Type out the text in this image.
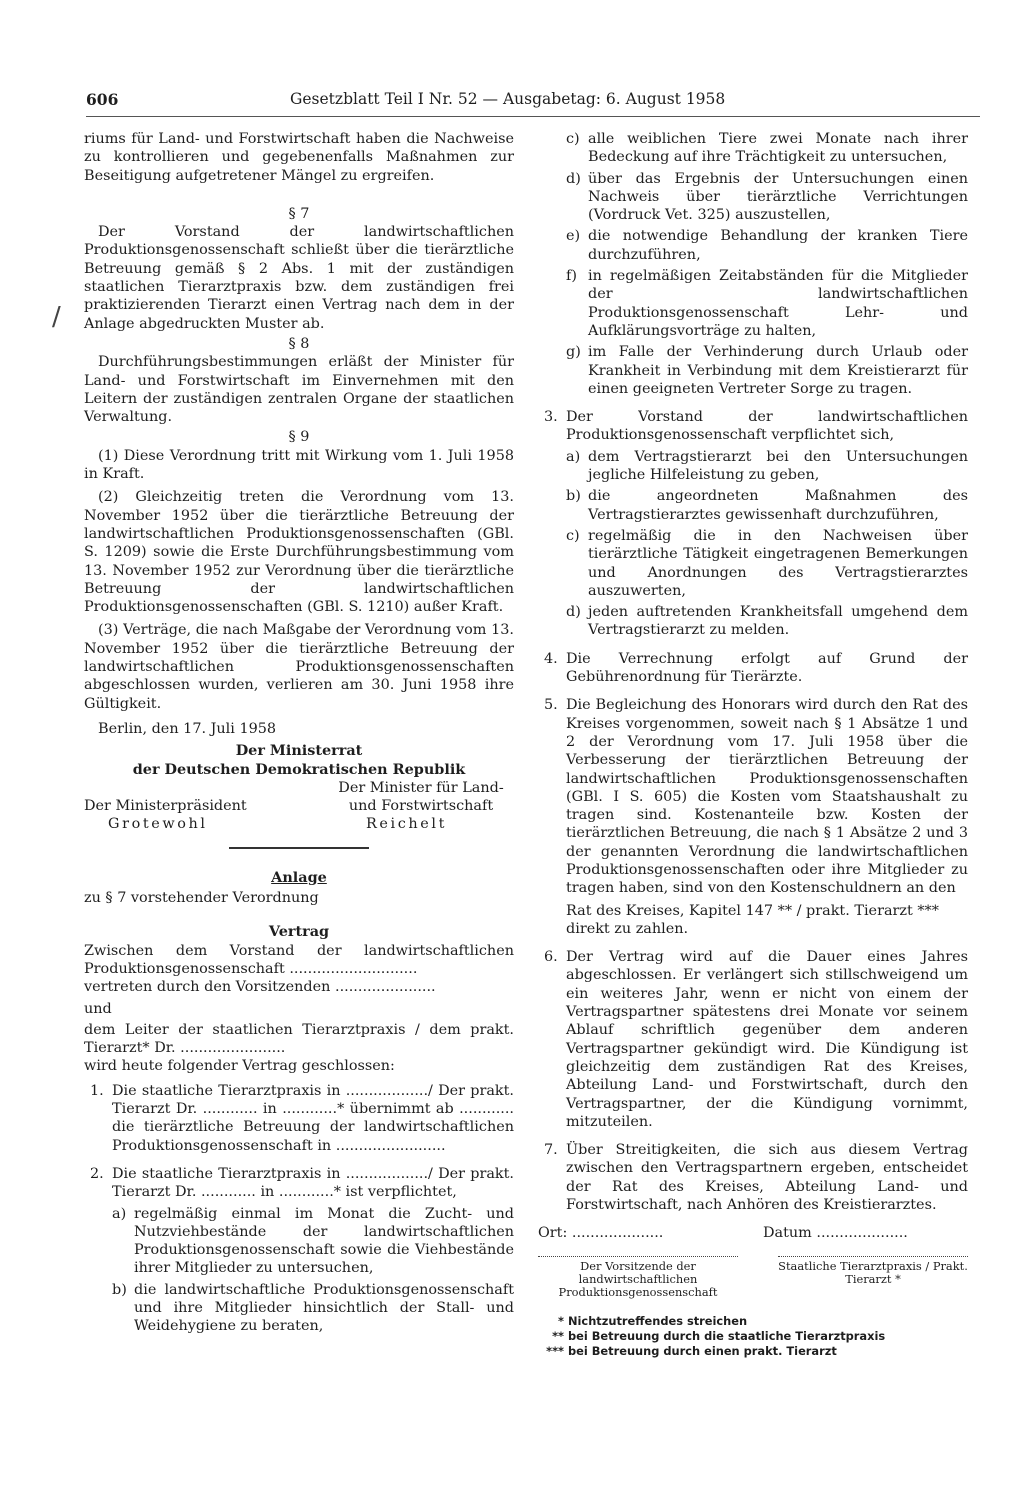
606	Gesetzblatt Teil I Nr. 52 — Ausgabetag: 6. August 1958
/

riums für Land- und Forstwirtschaft haben die Nachweise zu kontrollieren und gegebenenfalls Maßnahmen zur Beseitigung aufgetretener Mängel zu ergreifen.

§ 7

Der Vorstand der landwirtschaftlichen Produktionsgenossenschaft schließt über die tierärztliche Betreuung gemäß § 2 Abs. 1 mit der zuständigen staatlichen Tierarztpraxis bzw. dem zuständigen frei praktizierenden Tierarzt einen Vertrag nach dem in der Anlage abgedruckten Muster ab.

§ 8

Durchführungsbestimmungen erläßt der Minister für Land- und Forstwirtschaft im Einvernehmen mit den Leitern der zuständigen zentralen Organe der staatlichen Verwaltung.

§ 9

(1) Diese Verordnung tritt mit Wirkung vom 1. Juli 1958 in Kraft.

(2) Gleichzeitig treten die Verordnung vom 13. November 1952 über die tierärztliche Betreuung der landwirtschaftlichen Produktionsgenossenschaften (GBl. S. 1209) sowie die Erste Durchführungsbestimmung vom 13. November 1952 zur Verordnung über die tierärztliche Betreuung der landwirtschaftlichen Produktionsgenossenschaften (GBl. S. 1210) außer Kraft.

(3) Verträge, die nach Maßgabe der Verordnung vom 13. November 1952 über die tierärztliche Betreuung der landwirtschaftlichen Produktionsgenossenschaften abgeschlossen wurden, verlieren am 30. Juni 1958 ihre Gültigkeit.

Berlin, den 17. Juli 1958

Der Ministerrat

der Deutschen Demokratischen Republik

Der Ministerpräsident
Grotewohl
Der Minister für Land- und Forstwirtschaft
Reichelt

Anlage

zu § 7 vorstehender Verordnung

Vertrag

Zwischen dem Vorstand der landwirtschaftlichen Produktionsgenossenschaft ............................

vertreten durch den Vorsitzenden ......................

und

dem Leiter der staatlichen Tierarztpraxis / dem prakt. Tierarzt* Dr. .......................

wird heute folgender Vertrag geschlossen:

1. Die staatliche Tierarztpraxis in ................../ Der prakt. Tierarzt Dr. ............ in ............* übernimmt ab ............ die tierärztliche Betreuung der landwirtschaftlichen Produktionsgenossenschaft in ........................

2. Die staatliche Tierarztpraxis in ................../ Der prakt. Tierarzt Dr. ............ in ............* ist verpflichtet,

a) regelmäßig einmal im Monat die Zucht- und Nutzviehbestände der landwirtschaftlichen Produktionsgenossenschaft sowie die Viehbestände ihrer Mitglieder zu untersuchen,

b) die landwirtschaftliche Produktionsgenossenschaft und ihre Mitglieder hinsichtlich der Stall- und Weidehygiene zu beraten,

c) alle weiblichen Tiere zwei Monate nach ihrer Bedeckung auf ihre Trächtigkeit zu untersuchen,

d) über das Ergebnis der Untersuchungen einen Nachweis über tierärztliche Verrichtungen (Vordruck Vet. 325) auszustellen,

e) die notwendige Behandlung der kranken Tiere durchzuführen,

f) in regelmäßigen Zeitabständen für die Mitglieder der landwirtschaftlichen Produktionsgenossenschaft Lehr- und Aufklärungsvorträge zu halten,

g) im Falle der Verhinderung durch Urlaub oder Krankheit in Verbindung mit dem Kreistierarzt für einen geeigneten Vertreter Sorge zu tragen.

3. Der Vorstand der landwirtschaftlichen Produktionsgenossenschaft verpflichtet sich,

a) dem Vertragstierarzt bei den Untersuchungen jegliche Hilfeleistung zu geben,

b) die angeordneten Maßnahmen des Vertragstierarztes gewissenhaft durchzuführen,

c) regelmäßig die in den Nachweisen über tierärztliche Tätigkeit eingetragenen Bemerkungen und Anordnungen des Vertragstierarztes auszuwerten,

d) jeden auftretenden Krankheitsfall umgehend dem Vertragstierarzt zu melden.

4. Die Verrechnung erfolgt auf Grund der Gebührenordnung für Tierärzte.

5. Die Begleichung des Honorars wird durch den Rat des Kreises vorgenommen, soweit nach § 1 Absätze 1 und 2 der Verordnung vom 17. Juli 1958 über die Verbesserung der tierärztlichen Betreuung der landwirtschaftlichen Produktionsgenossenschaften (GBl. I S. 605) die Kosten vom Staatshaushalt zu tragen sind. Kostenanteile bzw. Kosten der tierärztlichen Betreuung, die nach § 1 Absätze 2 und 3 der genannten Verordnung die landwirtschaftlichen Produktionsgenossenschaften oder ihre Mitglieder zu tragen haben, sind von den Kostenschuldnern an den

Rat des Kreises, Kapitel 147 ** / prakt. Tierarzt ***

direkt zu zahlen.

6. Der Vertrag wird auf die Dauer eines Jahres abgeschlossen. Er verlängert sich stillschweigend um ein weiteres Jahr, wenn er nicht von einem der Vertragspartner spätestens drei Monate vor seinem Ablauf schriftlich gegenüber dem anderen Vertragspartner gekündigt wird. Die Kündigung ist gleichzeitig dem zuständigen Rat des Kreises, Abteilung Land- und Forstwirtschaft, durch den Vertragspartner, der die Kündigung vornimmt, mitzuteilen.

7. Über Streitigkeiten, die sich aus diesem Vertrag zwischen den Vertragspartnern ergeben, entscheidet der Rat des Kreises, Abteilung Land- und Forstwirtschaft, nach Anhören des Kreistierarztes.

Ort: ....................	Datum ....................
Der Vorsitzende der landwirtschaftlichen Produktionsgenossenschaft
Staatliche Tierarztpraxis / Prakt. Tierarzt *
* Nichtzutreffendes streichen
** bei Betreuung durch die staatliche Tierarztpraxis
*** bei Betreuung durch einen prakt. Tierarzt
